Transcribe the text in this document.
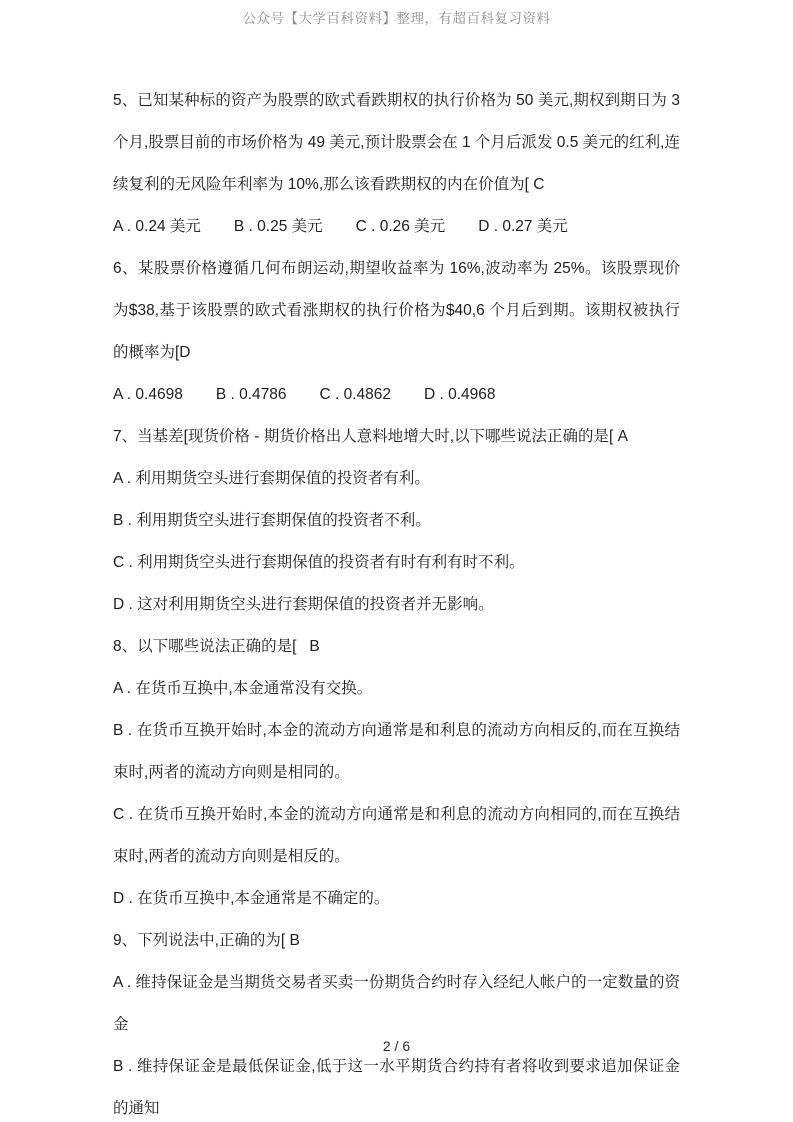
公众号【大学百科资料】整理，有超百科复习资料

5、已知某种标的资产为股票的欧式看跌期权的执行价格为 50 美元,期权到期日为 3 个月,股票目前的市场价格为 49 美元,预计股票会在 1 个月后派发 0.5 美元的红利,连续复利的无风险年利率为 10%,那么该看跌期权的内在价值为[ C

A . 0.24 美元 B . 0.25 美元 C . 0.26 美元 D . 0.27 美元

6、某股票价格遵循几何布朗运动,期望收益率为 16%,波动率为 25%。该股票现价为$38,基于该股票的欧式看涨期权的执行价格为$40,6 个月后到期。该期权被执行的概率为[D

A . 0.4698 B . 0.4786 C . 0.4862 D . 0.4968

7、当基差[现货价格 - 期货价格出人意料地增大时,以下哪些说法正确的是[ A

A . 利用期货空头进行套期保值的投资者有利。

B . 利用期货空头进行套期保值的投资者不利。

C . 利用期货空头进行套期保值的投资者有时有利有时不利。

D . 这对利用期货空头进行套期保值的投资者并无影响。

8、以下哪些说法正确的是[   B

A . 在货币互换中,本金通常没有交换。

B . 在货币互换开始时,本金的流动方向通常是和利息的流动方向相反的,而在互换结束时,两者的流动方向则是相同的。

C . 在货币互换开始时,本金的流动方向通常是和利息的流动方向相同的,而在互换结束时,两者的流动方向则是相反的。

D . 在货币互换中,本金通常是不确定的。

9、下列说法中,正确的为[ B

A . 维持保证金是当期货交易者买卖一份期货合约时存入经纪人帐户的一定数量的资金

B . 维持保证金是最低保证金,低于这一水平期货合约持有者将收到要求追加保证金的通知

2 / 6
